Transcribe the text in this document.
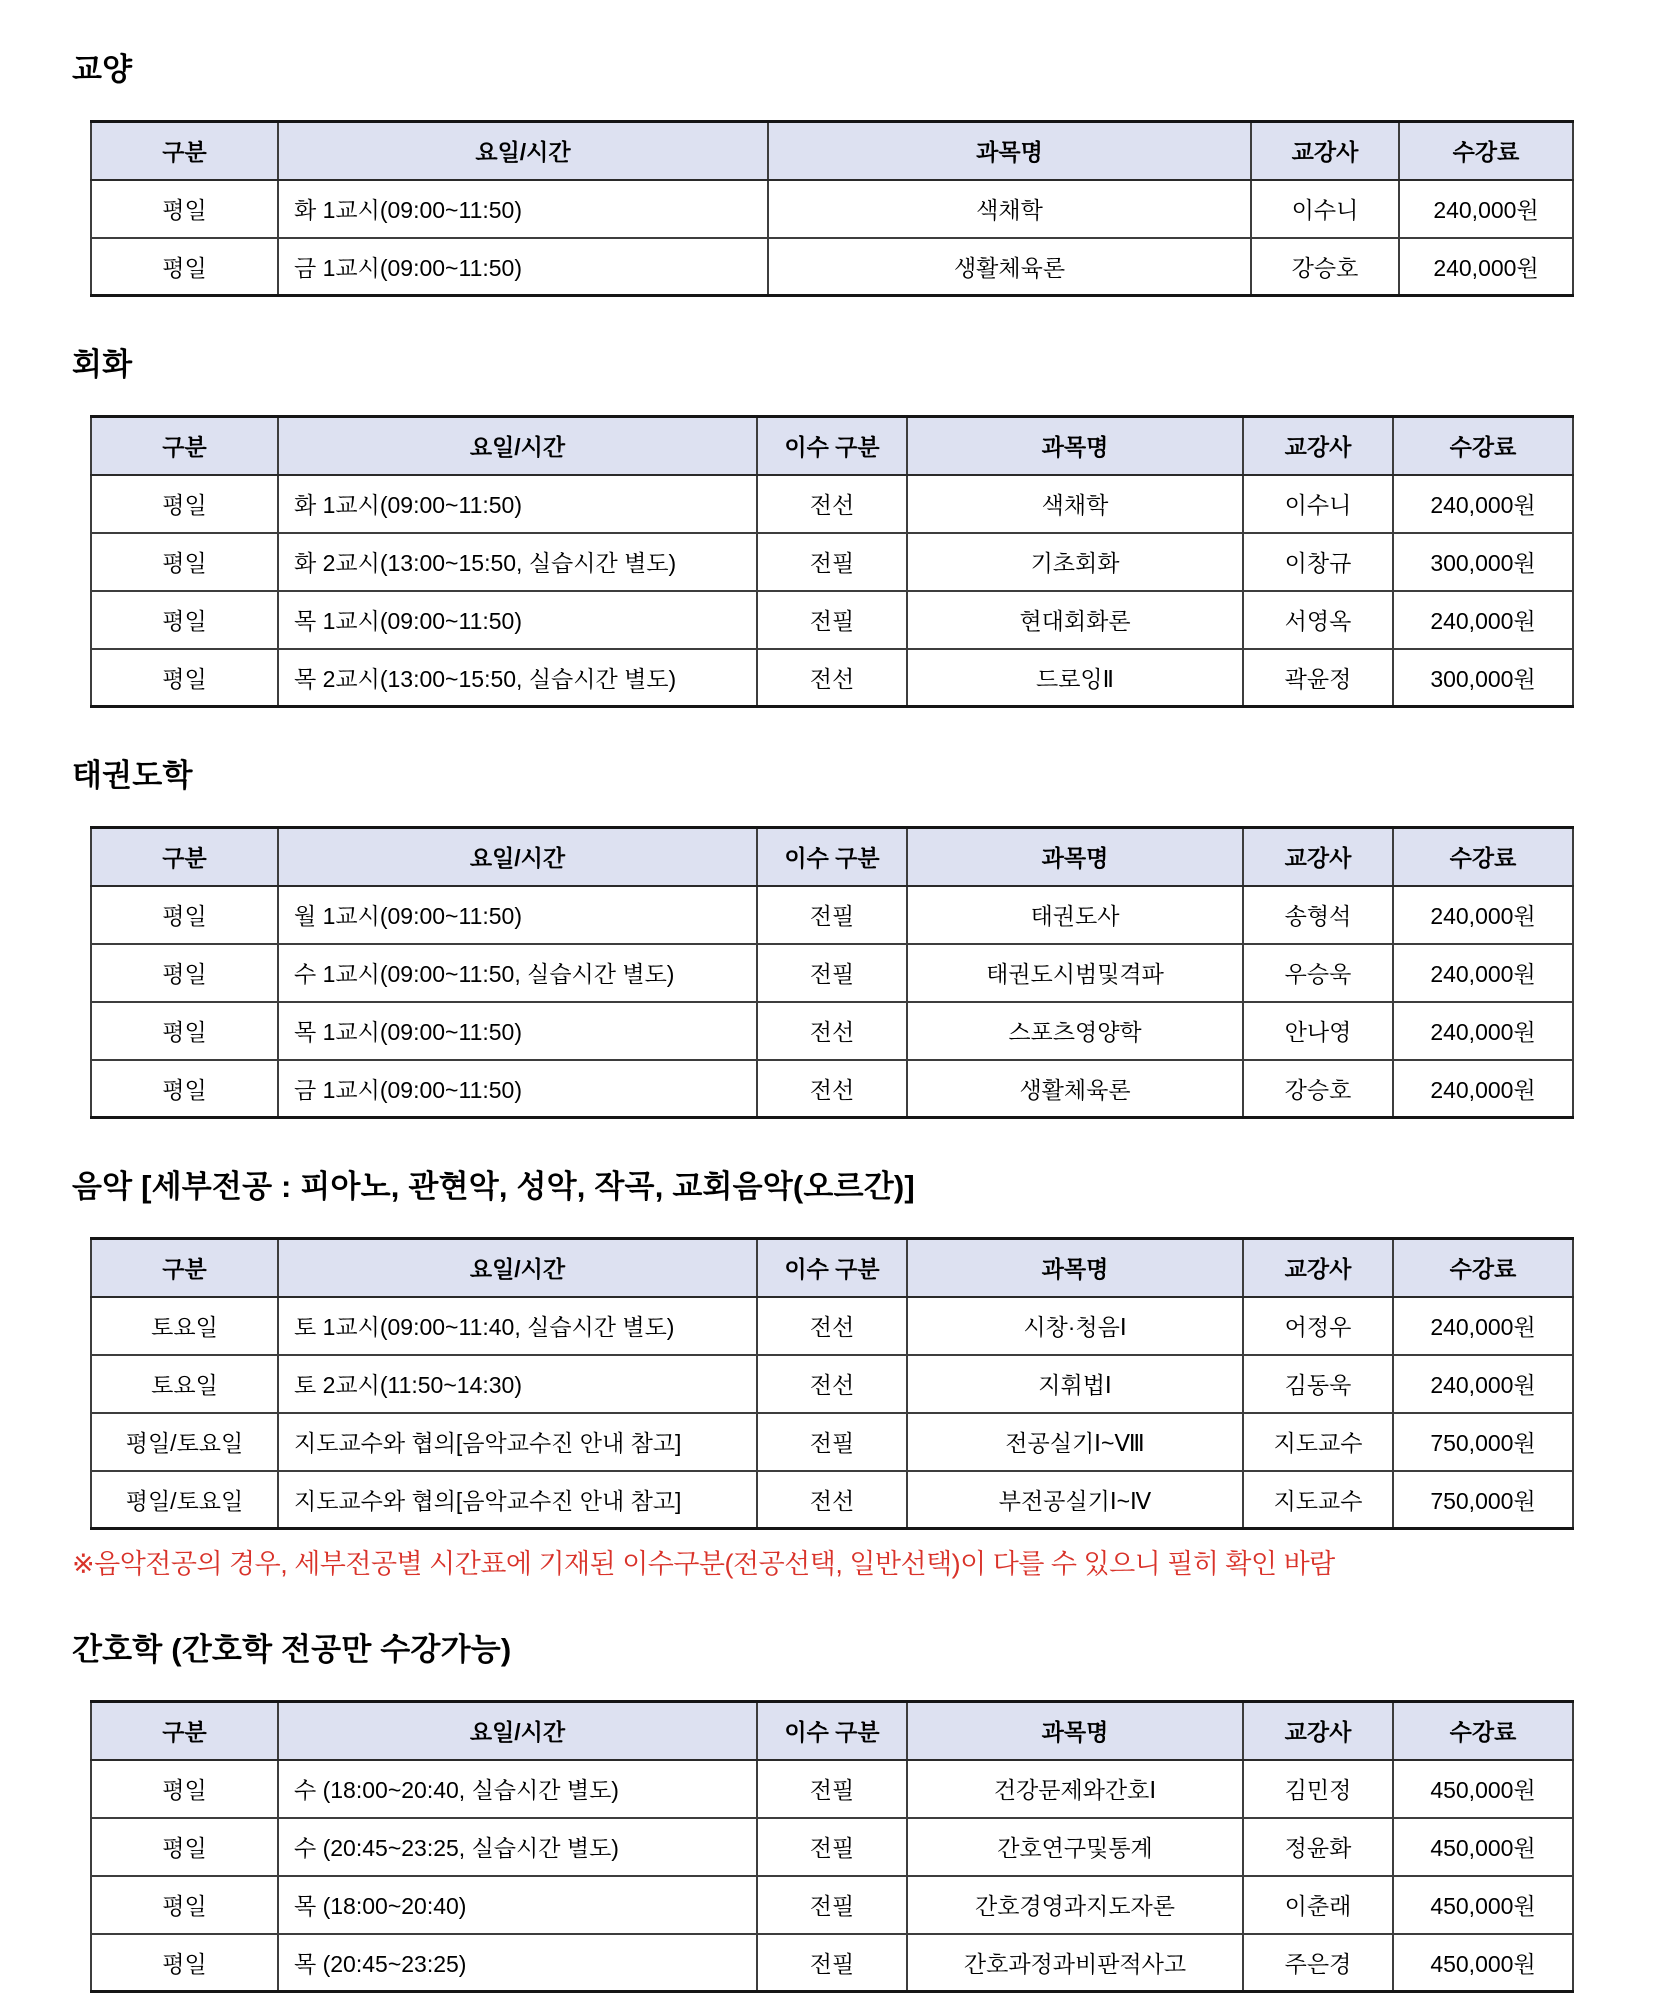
교양
구분	요일/시간	과목명	교강사	수강료
평일	화 1교시(09:00~11:50)	색채학	이수니	240,000원
평일	금 1교시(09:00~11:50)	생활체육론	강승호	240,000원
회화
구분	요일/시간	이수 구분	과목명	교강사	수강료
평일	화 1교시(09:00~11:50)	전선	색채학	이수니	240,000원
평일	화 2교시(13:00~15:50, 실습시간 별도)	전필	기초회화	이창규	300,000원
평일	목 1교시(09:00~11:50)	전필	현대회화론	서영옥	240,000원
평일	목 2교시(13:00~15:50, 실습시간 별도)	전선	드로잉Ⅱ	곽윤정	300,000원
태권도학
구분	요일/시간	이수 구분	과목명	교강사	수강료
평일	월 1교시(09:00~11:50)	전필	태권도사	송형석	240,000원
평일	수 1교시(09:00~11:50, 실습시간 별도)	전필	태권도시범및격파	우승욱	240,000원
평일	목 1교시(09:00~11:50)	전선	스포츠영양학	안나영	240,000원
평일	금 1교시(09:00~11:50)	전선	생활체육론	강승호	240,000원
음악 [세부전공 : 피아노, 관현악, 성악, 작곡, 교회음악(오르간)]
구분	요일/시간	이수 구분	과목명	교강사	수강료
토요일	토 1교시(09:00~11:40, 실습시간 별도)	전선	시창·청음Ⅰ	어정우	240,000원
토요일	토 2교시(11:50~14:30)	전선	지휘법Ⅰ	김동욱	240,000원
평일/토요일	지도교수와 협의[음악교수진 안내 참고]	전필	전공실기Ⅰ~Ⅷ	지도교수	750,000원
평일/토요일	지도교수와 협의[음악교수진 안내 참고]	전선	부전공실기Ⅰ~Ⅳ	지도교수	750,000원

※음악전공의 경우, 세부전공별 시간표에 기재된 이수구분(전공선택, 일반선택)이 다를 수 있으니 필히 확인 바람

간호학 (간호학 전공만 수강가능)
구분	요일/시간	이수 구분	과목명	교강사	수강료
평일	수 (18:00~20:40, 실습시간 별도)	전필	건강문제와간호Ⅰ	김민정	450,000원
평일	수 (20:45~23:25, 실습시간 별도)	전필	간호연구및통계	정윤화	450,000원
평일	목 (18:00~20:40)	전필	간호경영과지도자론	이춘래	450,000원
평일	목 (20:45~23:25)	전필	간호과정과비판적사고	주은경	450,000원
